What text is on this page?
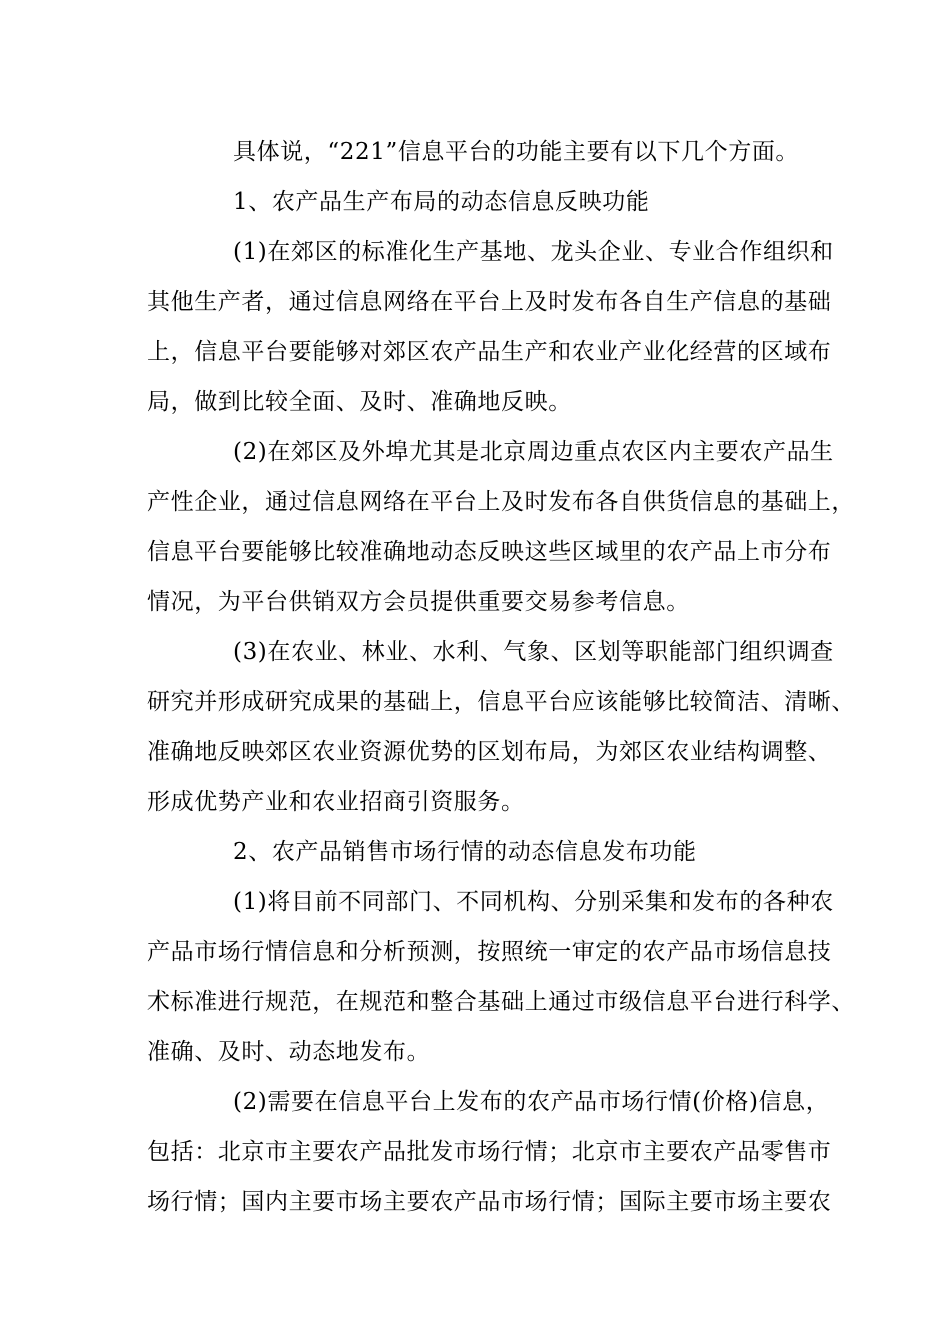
具体说，“221”信息平台的功能主要有以下几个方面。
1、农产品生产布局的动态信息反映功能
(1)在郊区的标准化生产基地、龙头企业、专业合作组织和
其他生产者，通过信息网络在平台上及时发布各自生产信息的基础
上，信息平台要能够对郊区农产品生产和农业产业化经营的区域布
局，做到比较全面、及时、准确地反映。
(2)在郊区及外埠尤其是北京周边重点农区内主要农产品生
产性企业，通过信息网络在平台上及时发布各自供货信息的基础上，
信息平台要能够比较准确地动态反映这些区域里的农产品上市分布
情况，为平台供销双方会员提供重要交易参考信息。
(3)在农业、林业、水利、气象、区划等职能部门组织调查
研究并形成研究成果的基础上，信息平台应该能够比较简洁、清晰、
准确地反映郊区农业资源优势的区划布局，为郊区农业结构调整、
形成优势产业和农业招商引资服务。
2、农产品销售市场行情的动态信息发布功能
(1)将目前不同部门、不同机构、分别采集和发布的各种农
产品市场行情信息和分析预测，按照统一审定的农产品市场信息技
术标准进行规范，在规范和整合基础上通过市级信息平台进行科学、
准确、及时、动态地发布。
(2)需要在信息平台上发布的农产品市场行情(价格)信息，
包括：北京市主要农产品批发市场行情；北京市主要农产品零售市
场行情；国内主要市场主要农产品市场行情；国际主要市场主要农
